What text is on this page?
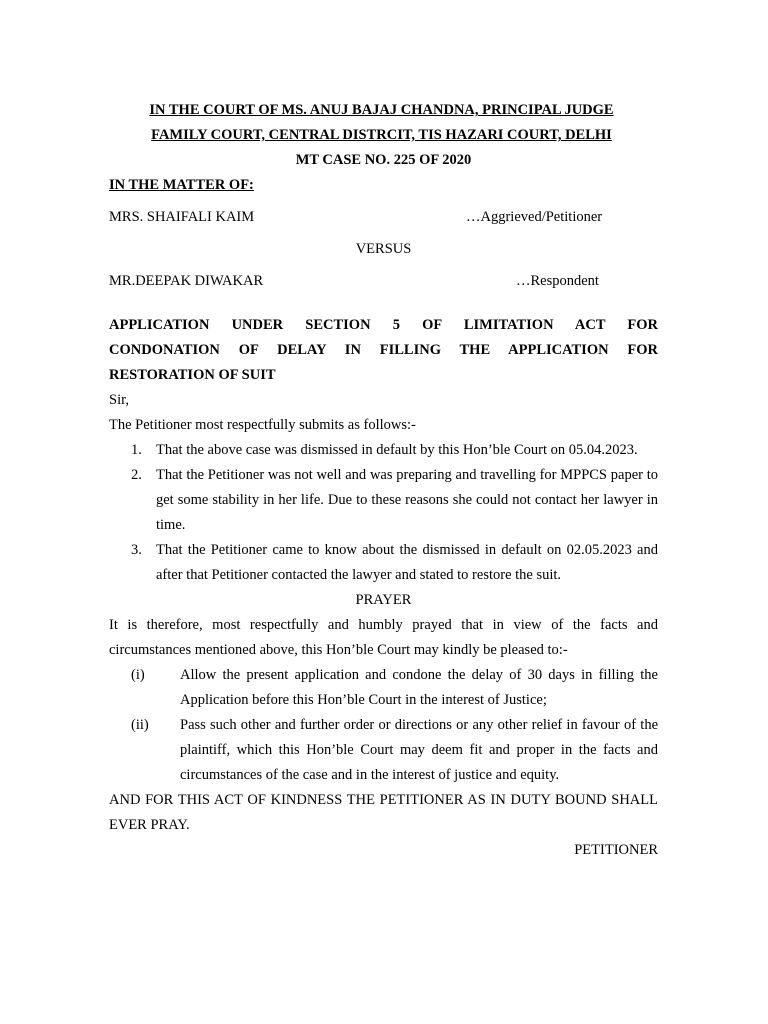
IN THE COURT OF MS. ANUJ BAJAJ CHANDNA, PRINCIPAL JUDGE
FAMILY COURT, CENTRAL DISTRCIT, TIS HAZARI COURT, DELHI
MT CASE NO. 225 OF 2020
IN THE MATTER OF:
MRS. SHAIFALI KAIM	…Aggrieved/Petitioner
VERSUS
MR.DEEPAK DIWAKAR	…Respondent
APPLICATION UNDER SECTION 5 OF LIMITATION ACT FOR
CONDONATION OF DELAY IN FILLING THE APPLICATION FOR
RESTORATION OF SUIT
Sir,
The Petitioner most respectfully submits as follows:-
1. That the above case was dismissed in default by this Hon’ble Court on 05.04.2023.
2. That the Petitioner was not well and was preparing and travelling for MPPCS paper to get some stability in her life. Due to these reasons she could not contact her lawyer in time.
3. That the Petitioner came to know about the dismissed in default on 02.05.2023 and after that Petitioner contacted the lawyer and stated to restore the suit.
PRAYER
It is therefore, most respectfully and humbly prayed that in view of the facts and circumstances mentioned above, this Hon’ble Court may kindly be pleased to:-
(i) Allow the present application and condone the delay of 30 days in filling the Application before this Hon’ble Court in the interest of Justice;
(ii) Pass such other and further order or directions or any other relief in favour of the plaintiff, which this Hon’ble Court may deem fit and proper in the facts and circumstances of the case and in the interest of justice and equity.
AND FOR THIS ACT OF KINDNESS THE PETITIONER AS IN DUTY BOUND SHALL EVER PRAY.
PETITIONER
